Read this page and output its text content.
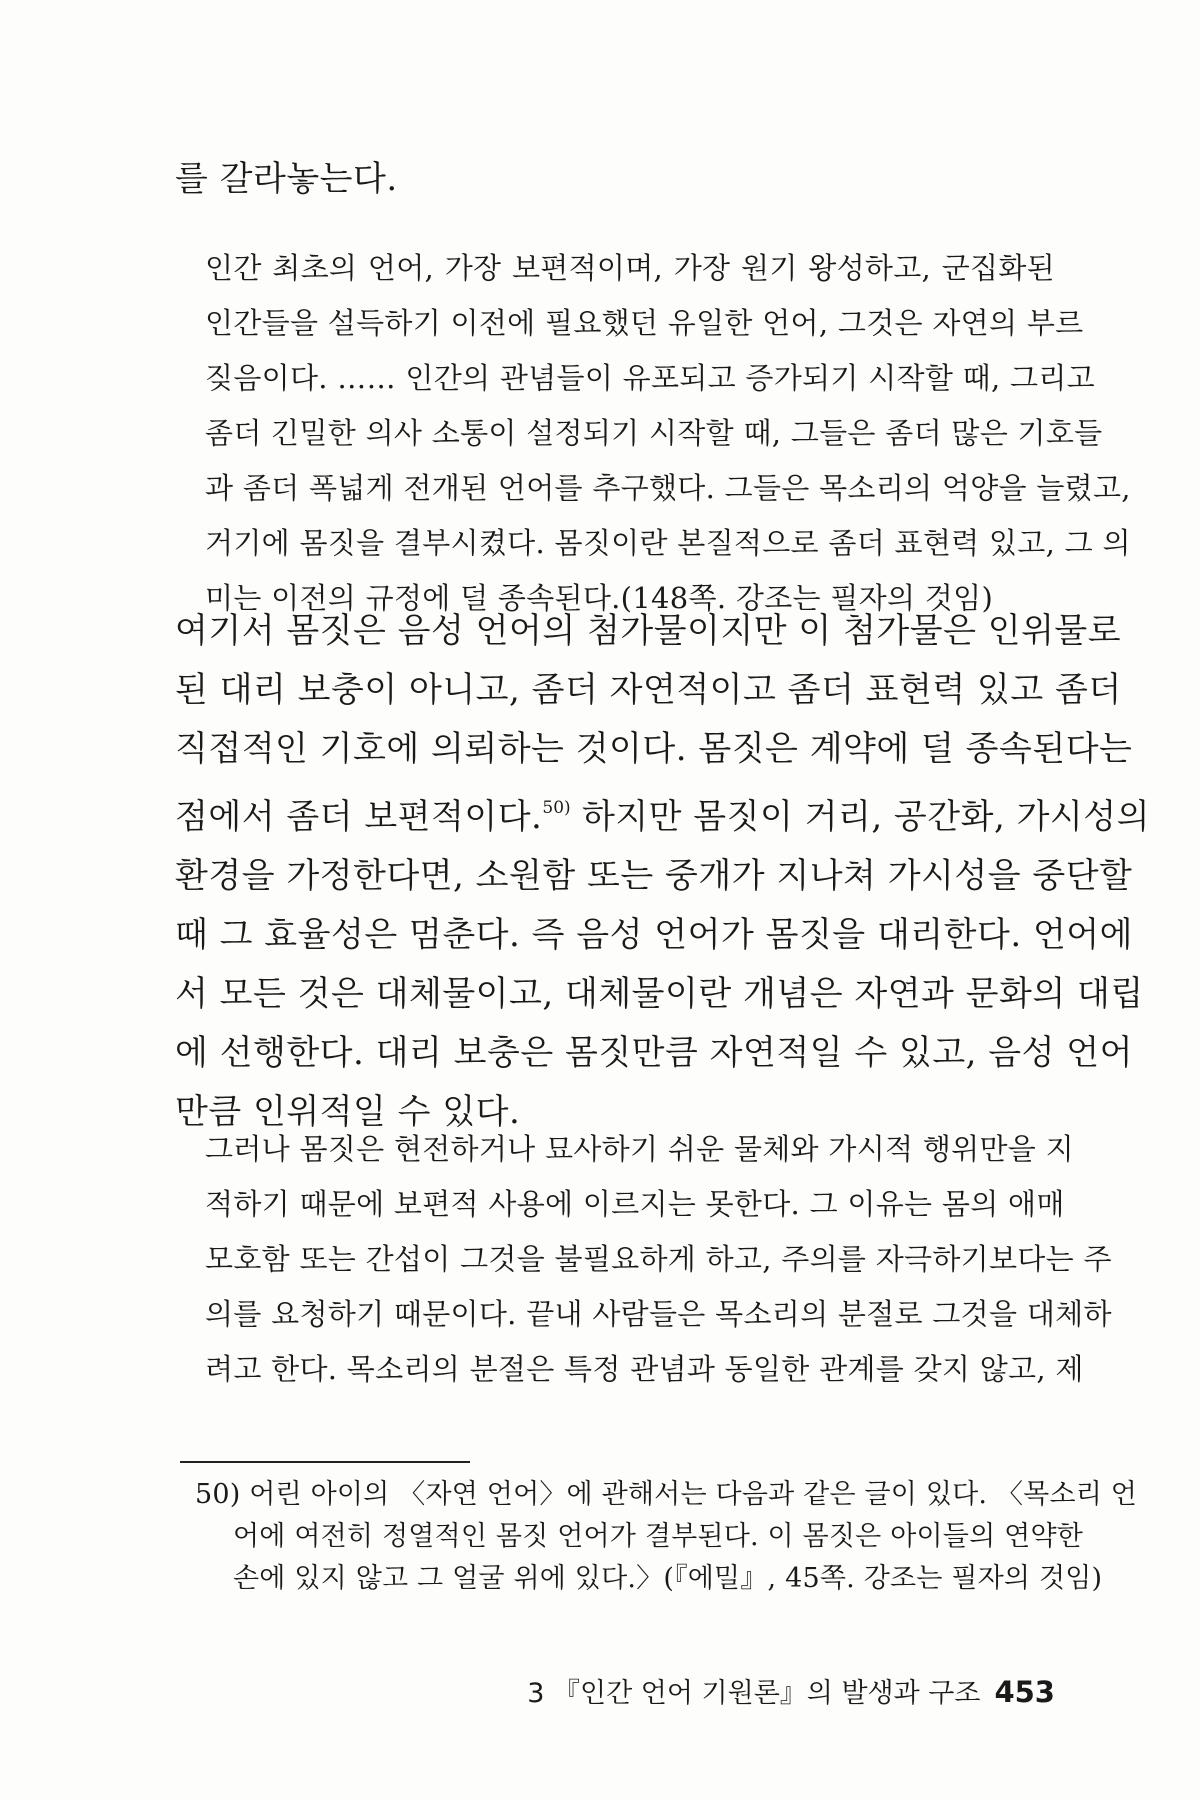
를 갈라놓는다.
인간 최초의 언어, 가장 보편적이며, 가장 원기 왕성하고, 군집화된
인간들을 설득하기 이전에 필요했던 유일한 언어, 그것은 자연의 부르
짖음이다. …… 인간의 관념들이 유포되고 증가되기 시작할 때, 그리고
좀더 긴밀한 의사 소통이 설정되기 시작할 때, 그들은 좀더 많은 기호들
과 좀더 폭넓게 전개된 언어를 추구했다. 그들은 목소리의 억양을 늘렸고,
거기에 몸짓을 결부시켰다. 몸짓이란 본질적으로 좀더 표현력 있고, 그 의
미는 이전의 규정에 덜 종속된다.(148쪽. 강조는 필자의 것임)
여기서 몸짓은 음성 언어의 첨가물이지만 이 첨가물은 인위물로
된 대리 보충이 아니고, 좀더 자연적이고 좀더 표현력 있고 좀더
직접적인 기호에 의뢰하는 것이다. 몸짓은 계약에 덜 종속된다는
점에서 좀더 보편적이다.$^{50)}$ 하지만 몸짓이 거리, 공간화, 가시성의
환경을 가정한다면, 소원함 또는 중개가 지나쳐 가시성을 중단할
때 그 효율성은 멈춘다. 즉 음성 언어가 몸짓을 대리한다. 언어에
서 모든 것은 대체물이고, 대체물이란 개념은 자연과 문화의 대립
에 선행한다. 대리 보충은 몸짓만큼 자연적일 수 있고, 음성 언어
만큼 인위적일 수 있다.
그러나 몸짓은 현전하거나 묘사하기 쉬운 물체와 가시적 행위만을 지
적하기 때문에 보편적 사용에 이르지는 못한다. 그 이유는 몸의 애매
모호함 또는 간섭이 그것을 불필요하게 하고, 주의를 자극하기보다는 주
의를 요청하기 때문이다. 끝내 사람들은 목소리의 분절로 그것을 대체하
려고 한다. 목소리의 분절은 특정 관념과 동일한 관계를 갖지 않고, 제
50) 어린 아이의 〈자연 언어〉에 관해서는 다음과 같은 글이 있다. 〈목소리 언
어에 여전히 정열적인 몸짓 언어가 결부된다. 이 몸짓은 아이들의 연약한
손에 있지 않고 그 얼굴 위에 있다.〉(『에밀』, 45쪽. 강조는 필자의 것임)
3 『인간 언어 기원론』의 발생과 구조 453
